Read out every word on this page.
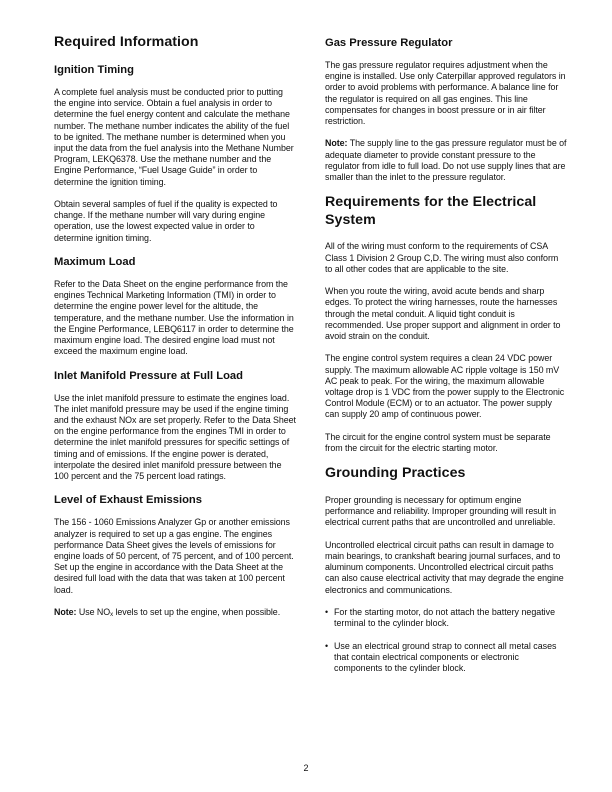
Required Information
Ignition Timing

A complete fuel analysis must be conducted prior to putting the engine into service. Obtain a fuel analysis in order to determine the fuel energy content and calculate the methane number. The methane number indicates the ability of the fuel to be ignited. The methane number is determined when you input the data from the fuel analysis into the Methane Number Program, LEKQ6378. Use the methane number and the Engine Performance, “Fuel Usage Guide” in order to determine the ignition timing.

Obtain several samples of fuel if the quality is expected to change. If the methane number will vary during engine operation, use the lowest expected value in order to determine ignition timing.

Maximum Load

Refer to the Data Sheet on the engine performance from the engines Technical Marketing Information (TMI) in order to determine the engine power level for the altitude, the temperature, and the methane number. Use the information in the Engine Performance, LEBQ6117 in order to determine the maximum engine load. The desired engine load must not exceed the maximum engine load.

Inlet Manifold Pressure at Full Load

Use the inlet manifold pressure to estimate the engines load. The inlet manifold pressure may be used if the engine timing and the exhaust NOx are set properly. Refer to the Data Sheet on the engine performance from the engines TMI in order to determine the inlet manifold pressures for specific settings of timing and of emissions. If the engine power is derated, interpolate the desired inlet manifold pressure between the 100 percent and the 75 percent load ratings.

Level of Exhaust Emissions

The 156 - 1060 Emissions Analyzer Gp or another emissions analyzer is required to set up a gas engine. The engines performance Data Sheet gives the levels of emissions for engine loads of 50 percent, of 75 percent, and of 100 percent. Set up the engine in accordance with the Data Sheet at the desired full load with the data that was taken at 100 percent load.

Note: Use $NO_x$ levels to set up the engine, when possible.

Gas Pressure Regulator

The gas pressure regulator requires adjustment when the engine is installed. Use only Caterpillar approved regulators in order to avoid problems with performance. A balance line for the regulator is required on all gas engines. This line compensates for changes in boost pressure or in air filter restriction.

Note: The supply line to the gas pressure regulator must be of adequate diameter to provide constant pressure to the regulator from idle to full load. Do not use supply lines that are smaller than the inlet to the pressure regulator.

Requirements for the Electrical System

All of the wiring must conform to the requirements of CSA Class 1 Division 2 Group C,D. The wiring must also conform to all other codes that are applicable to the site.

When you route the wiring, avoid acute bends and sharp edges. To protect the wiring harnesses, route the harnesses through the metal conduit. A liquid tight conduit is recommended. Use proper support and alignment in order to avoid strain on the conduit.

The engine control system requires a clean 24 VDC power supply. The maximum allowable AC ripple voltage is 150 mV AC peak to peak. For the wiring, the maximum allowable voltage drop is 1 VDC from the power supply to the Electronic Control Module (ECM) or to an actuator. The power supply can supply 20 amp of continuous power.

The circuit for the engine control system must be separate from the circuit for the electric starting motor.

Grounding Practices

Proper grounding is necessary for optimum engine performance and reliability. Improper grounding will result in electrical current paths that are uncontrolled and unreliable.

Uncontrolled electrical circuit paths can result in damage to main bearings, to crankshaft bearing journal surfaces, and to aluminum components. Uncontrolled electrical circuit paths can also cause electrical activity that may degrade the engine electronics and communications.

• For the starting motor, do not attach the battery negative terminal to the cylinder block.
• Use an electrical ground strap to connect all metal cases that contain electrical components or electronic components to the cylinder block.
2
